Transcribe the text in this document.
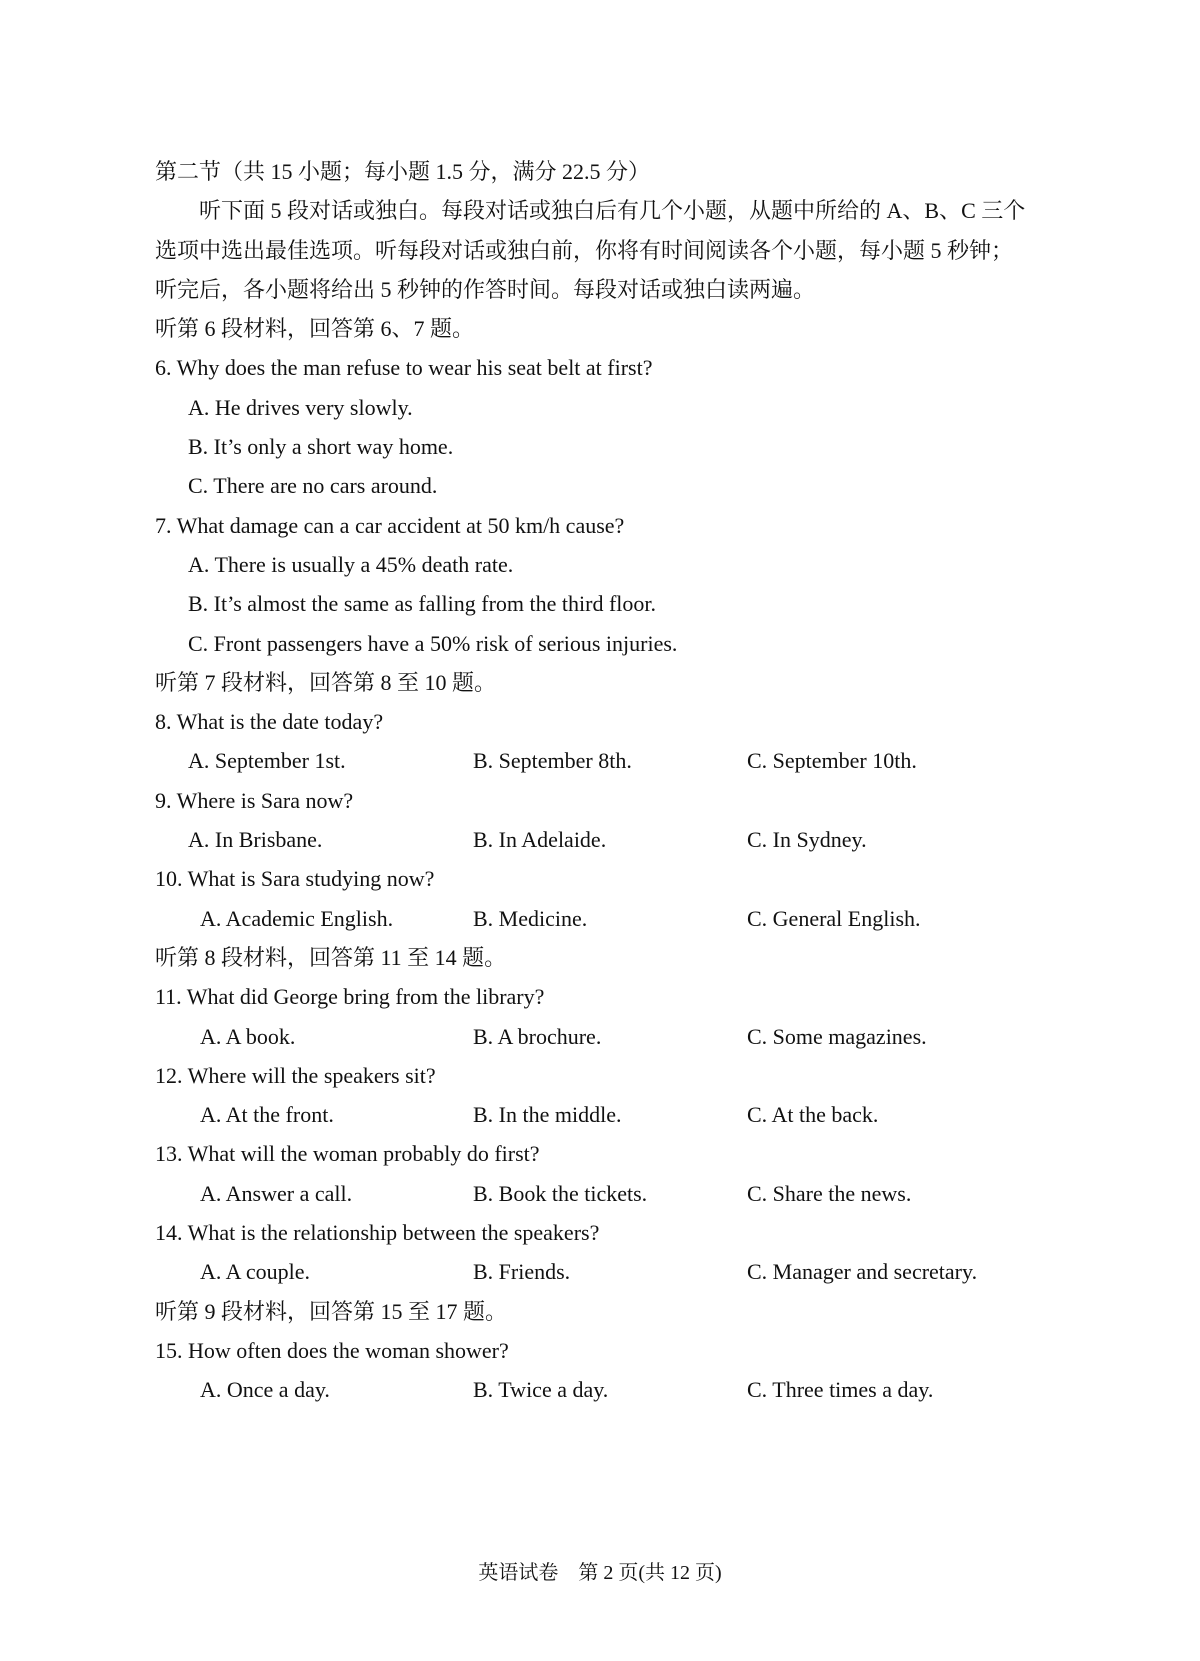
第二节（共 15 小题；每小题 1.5 分，满分 22.5 分）
听下面 5 段对话或独白。每段对话或独白后有几个小题，从题中所给的 A、B、C 三个
选项中选出最佳选项。听每段对话或独白前，你将有时间阅读各个小题，每小题 5 秒钟；
听完后，各小题将给出 5 秒钟的作答时间。每段对话或独白读两遍。
听第 6 段材料，回答第 6、7 题。
6. Why does the man refuse to wear his seat belt at first?
A. He drives very slowly.
B. It’s only a short way home.
C. There are no cars around.
7. What damage can a car accident at 50 km/h cause?
A. There is usually a 45% death rate.
B. It’s almost the same as falling from the third floor.
C. Front passengers have a 50% risk of serious injuries.
听第 7 段材料，回答第 8 至 10 题。
8. What is the date today?
A. September 1st.	B. September 8th.	C. September 10th.
9. Where is Sara now?
A. In Brisbane.	B. In Adelaide.	C. In Sydney.
10. What is Sara studying now?
A. Academic English.	B. Medicine.	C. General English.
听第 8 段材料，回答第 11 至 14 题。
11. What did George bring from the library?
A. A book.	B. A brochure.	C. Some magazines.
12. Where will the speakers sit?
A. At the front.	B. In the middle.	C. At the back.
13. What will the woman probably do first?
A. Answer a call.	B. Book the tickets.	C. Share the news.
14. What is the relationship between the speakers?
A. A couple.	B. Friends.	C. Manager and secretary.
听第 9 段材料，回答第 15 至 17 题。
15. How often does the woman shower?
A. Once a day.	B. Twice a day.	C. Three times a day.
英语试卷　第 2 页(共 12 页)
